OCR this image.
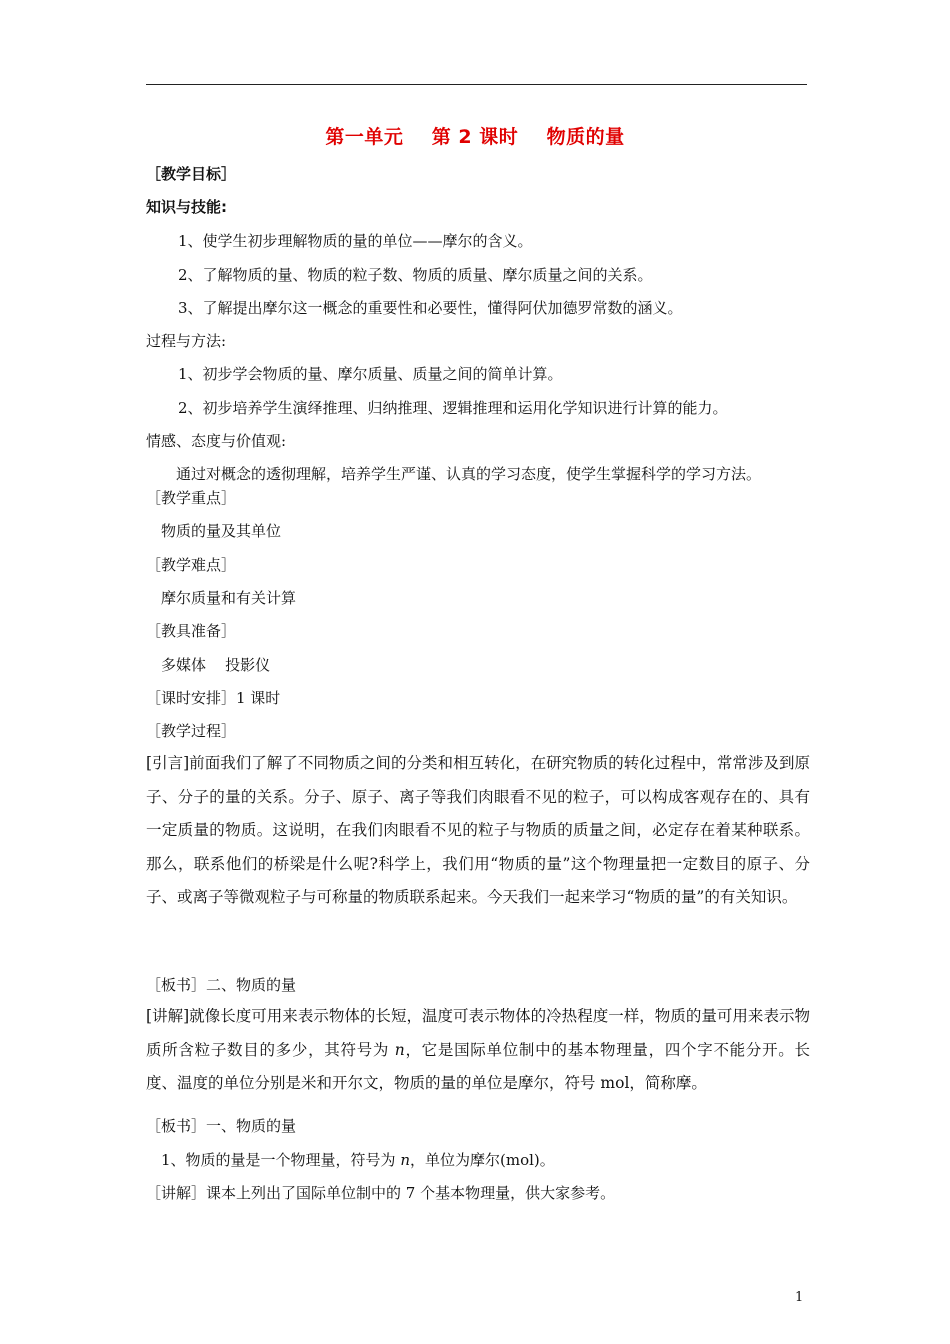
第一单元    第 2 课时    物质的量
［教学目标］
知识与技能:
1、使学生初步理解物质的量的单位——摩尔的含义。
2、了解物质的量、物质的粒子数、物质的质量、摩尔质量之间的关系。
3、了解提出摩尔这一概念的重要性和必要性，懂得阿伏加德罗常数的涵义。
过程与方法:
1、初步学会物质的量、摩尔质量、质量之间的简单计算。
2、初步培养学生演绎推理、归纳推理、逻辑推理和运用化学知识进行计算的能力。
情感、态度与价值观:
通过对概念的透彻理解，培养学生严谨、认真的学习态度，使学生掌握科学的学习方法。
［教学重点］
物质的量及其单位
［教学难点］
摩尔质量和有关计算
［教具准备］
多媒体    投影仪
［课时安排］1 课时
［教学过程］
[引言]前面我们了解了不同物质之间的分类和相互转化，在研究物质的转化过程中，常常涉及到原子、分子的量的关系。分子、原子、离子等我们肉眼看不见的粒子，可以构成客观存在的、具有一定质量的物质。这说明，在我们肉眼看不见的粒子与物质的质量之间，必定存在着某种联系。那么，联系他们的桥梁是什么呢?科学上，我们用“物质的量”这个物理量把一定数目的原子、分子、或离子等微观粒子与可称量的物质联系起来。今天我们一起来学习“物质的量”的有关知识。
［板书］二、物质的量
[讲解]就像长度可用来表示物体的长短，温度可表示物体的冷热程度一样，物质的量可用来表示物质所含粒子数目的多少，其符号为 n，它是国际单位制中的基本物理量，四个字不能分开。长度、温度的单位分别是米和开尔文，物质的量的单位是摩尔，符号 mol，简称摩。
［板书］一、物质的量
1、物质的量是一个物理量，符号为 n，单位为摩尔(mol)。
［讲解］课本上列出了国际单位制中的 7 个基本物理量，供大家参考。
1
